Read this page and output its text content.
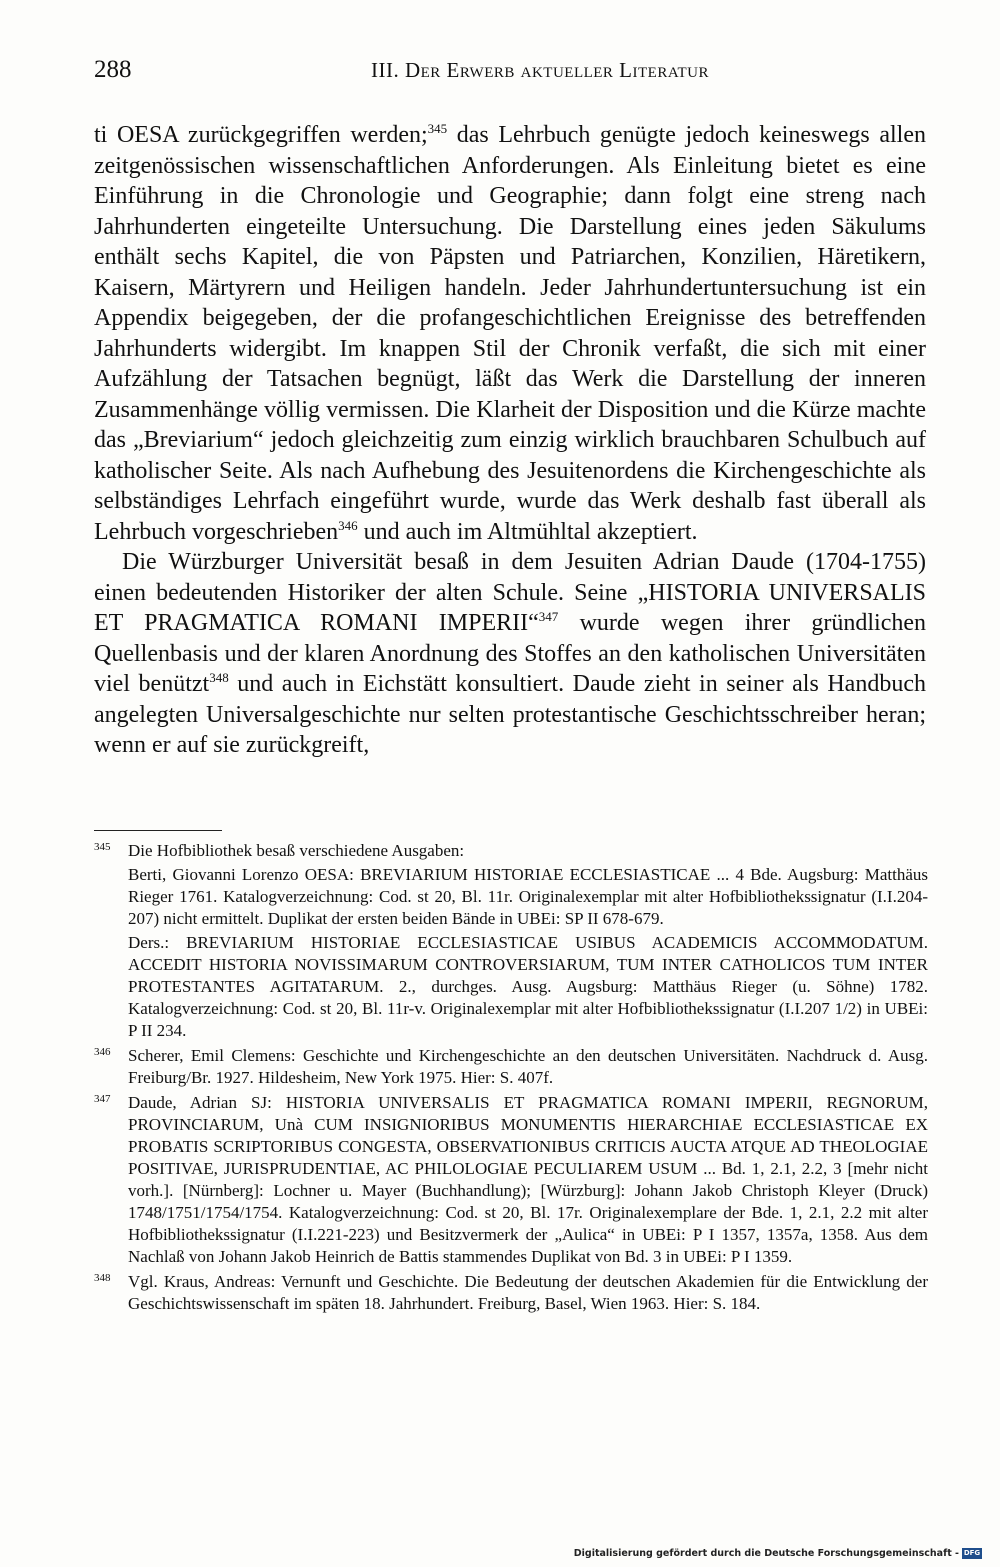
288	III. Der Erwerb aktueller Literatur

ti OESA zurückgegriffen werden;$^{345}$ das Lehrbuch genügte jedoch keineswegs allen zeitgenössischen wissenschaftlichen Anforderungen. Als Einleitung bietet es eine Einführung in die Chronologie und Geographie; dann folgt eine streng nach Jahrhunderten eingeteilte Untersuchung. Die Darstellung eines jeden Säkulums enthält sechs Kapitel, die von Päpsten und Patriarchen, Konzilien, Häretikern, Kaisern, Märtyrern und Heiligen handeln. Jeder Jahrhundertuntersuchung ist ein Appendix beigegeben, der die profangeschichtlichen Ereignisse des betreffenden Jahrhunderts widergibt. Im knappen Stil der Chronik verfaßt, die sich mit einer Aufzählung der Tatsachen begnügt, läßt das Werk die Darstellung der inneren Zusammenhänge völlig vermissen. Die Klarheit der Disposition und die Kürze machte das „Breviarium“ jedoch gleichzeitig zum einzig wirklich brauchbaren Schulbuch auf katholischer Seite. Als nach Aufhebung des Jesuitenordens die Kirchengeschichte als selbständiges Lehrfach eingeführt wurde, wurde das Werk deshalb fast überall als Lehrbuch vorgeschrieben$^{346}$ und auch im Altmühltal akzeptiert.

Die Würzburger Universität besaß in dem Jesuiten Adrian Daude (1704-1755) einen bedeutenden Historiker der alten Schule. Seine „HISTORIA UNIVERSALIS ET PRAGMATICA ROMANI IMPERII“$^{347}$ wurde wegen ihrer gründlichen Quellenbasis und der klaren Anordnung des Stoffes an den katholischen Universitäten viel benützt$^{348}$ und auch in Eichstätt konsultiert. Daude zieht in seiner als Handbuch angelegten Universalgeschichte nur selten protestantische Geschichtsschreiber heran; wenn er auf sie zurückgreift,

345 Die Hofbibliothek besaß verschiedene Ausgaben:

Berti, Giovanni Lorenzo OESA: BREVIARIUM HISTORIAE ECCLESIASTICAE ... 4 Bde. Augsburg: Matthäus Rieger 1761. Katalogverzeichnung: Cod. st 20, Bl. 11r. Originalexemplar mit alter Hofbibliothekssignatur (I.I.204-207) nicht ermittelt. Duplikat der ersten beiden Bände in UBEi: SP II 678-679.

Ders.: BREVIARIUM HISTORIAE ECCLESIASTICAE USIBUS ACADEMICIS ACCOMMODATUM. ACCEDIT HISTORIA NOVISSIMARUM CONTROVERSIARUM, TUM INTER CATHOLICOS TUM INTER PROTESTANTES AGITATARUM. 2., durchges. Ausg. Augsburg: Matthäus Rieger (u. Söhne) 1782. Katalogverzeichnung: Cod. st 20, Bl. 11r-v. Originalexemplar mit alter Hofbibliothekssignatur (I.I.207 1/2) in UBEi: P II 234.

346 Scherer, Emil Clemens: Geschichte und Kirchengeschichte an den deutschen Universitäten. Nachdruck d. Ausg. Freiburg/Br. 1927. Hildesheim, New York 1975. Hier: S. 407f.

347 Daude, Adrian SJ: HISTORIA UNIVERSALIS ET PRAGMATICA ROMANI IMPERII, REGNORUM, PROVINCIARUM, Unà CUM INSIGNIORIBUS MONUMENTIS HIERARCHIAE ECCLESIASTICAE EX PROBATIS SCRIPTORIBUS CONGESTA, OBSERVATIONIBUS CRITICIS AUCTA ATQUE AD THEOLOGIAE POSITIVAE, JURISPRUDENTIAE, AC PHILOLOGIAE PECULIAREM USUM ... Bd. 1, 2.1, 2.2, 3 [mehr nicht vorh.]. [Nürnberg]: Lochner u. Mayer (Buchhandlung); [Würzburg]: Johann Jakob Christoph Kleyer (Druck) 1748/1751/1754/1754. Katalogverzeichnung: Cod. st 20, Bl. 17r. Originalexemplare der Bde. 1, 2.1, 2.2 mit alter Hofbibliothekssignatur (I.I.221-223) und Besitzvermerk der „Aulica“ in UBEi: P I 1357, 1357a, 1358. Aus dem Nachlaß von Johann Jakob Heinrich de Battis stammendes Duplikat von Bd. 3 in UBEi: P I 1359.

348 Vgl. Kraus, Andreas: Vernunft und Geschichte. Die Bedeutung der deutschen Akademien für die Entwicklung der Geschichtswissenschaft im späten 18. Jahrhundert. Freiburg, Basel, Wien 1963. Hier: S. 184.

Digitalisierung gefördert durch die Deutsche Forschungsgemeinschaft - DFG
